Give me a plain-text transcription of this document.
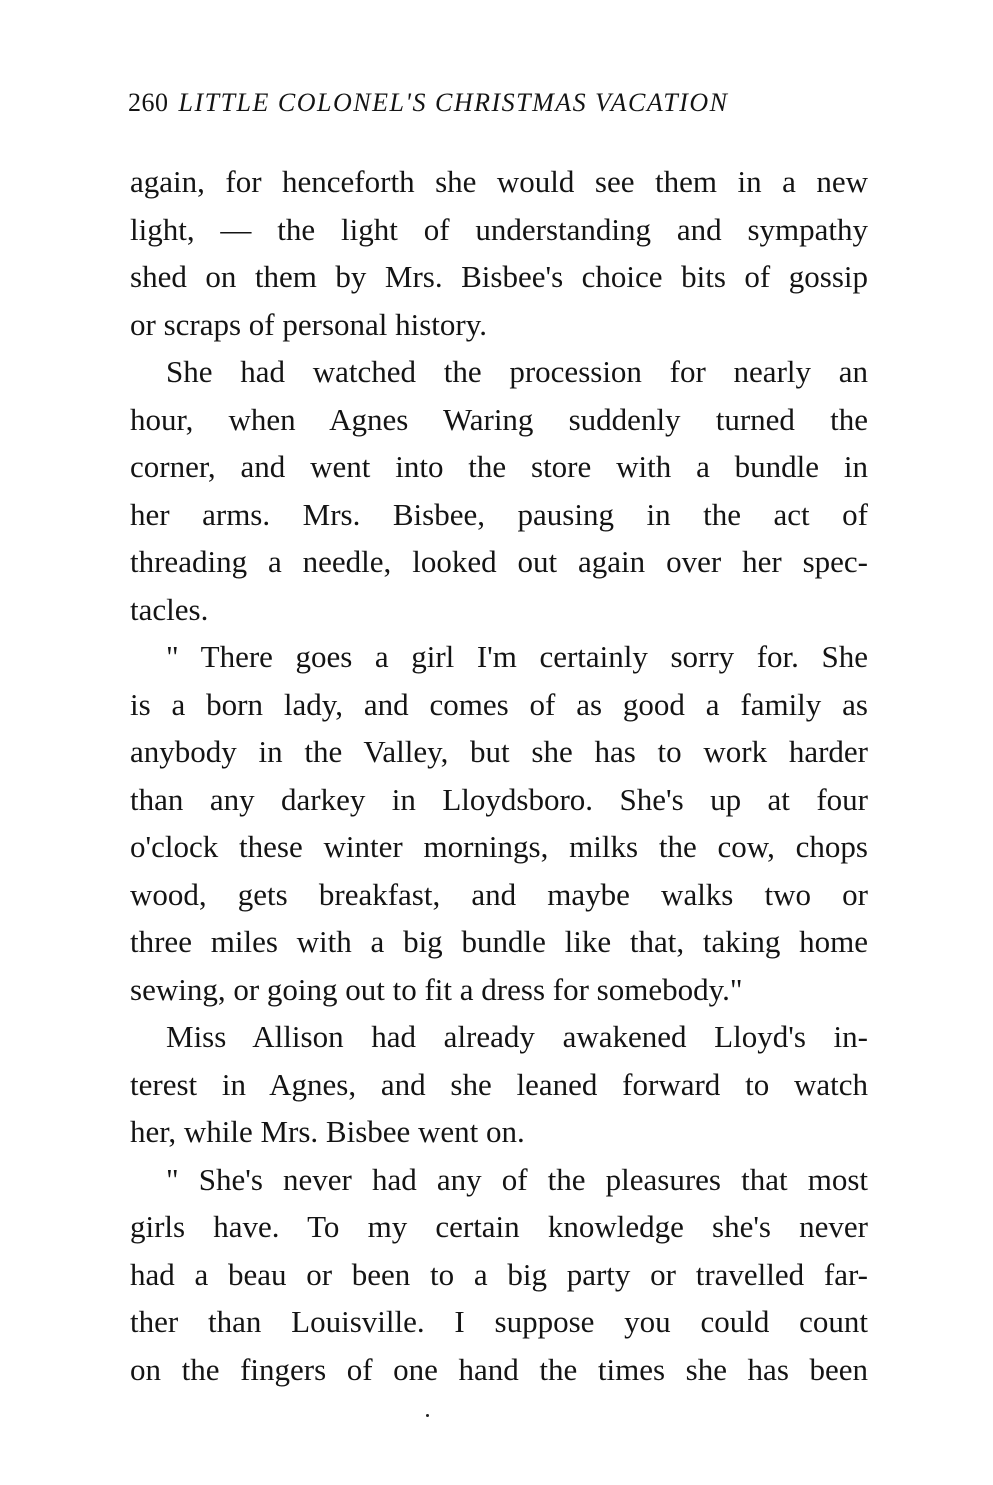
260 LITTLE COLONEL'S CHRISTMAS VACATION
again, for henceforth she would see them in a new
light, — the light of understanding and sympathy
shed on them by Mrs. Bisbee's choice bits of gossip
or scraps of personal history.
She had watched the procession for nearly an
hour, when Agnes Waring suddenly turned the
corner, and went into the store with a bundle in
her arms. Mrs. Bisbee, pausing in the act of
threading a needle, looked out again over her spec-
tacles.
" There goes a girl I'm certainly sorry for. She
is a born lady, and comes of as good a family as
anybody in the Valley, but she has to work harder
than any darkey in Lloydsboro. She's up at four
o'clock these winter mornings, milks the cow, chops
wood, gets breakfast, and maybe walks two or
three miles with a big bundle like that, taking home
sewing, or going out to fit a dress for somebody."
Miss Allison had already awakened Lloyd's in-
terest in Agnes, and she leaned forward to watch
her, while Mrs. Bisbee went on.
" She's never had any of the pleasures that most
girls have. To my certain knowledge she's never
had a beau or been to a big party or travelled far-
ther than Louisville. I suppose you could count
on the fingers of one hand the times she has been
